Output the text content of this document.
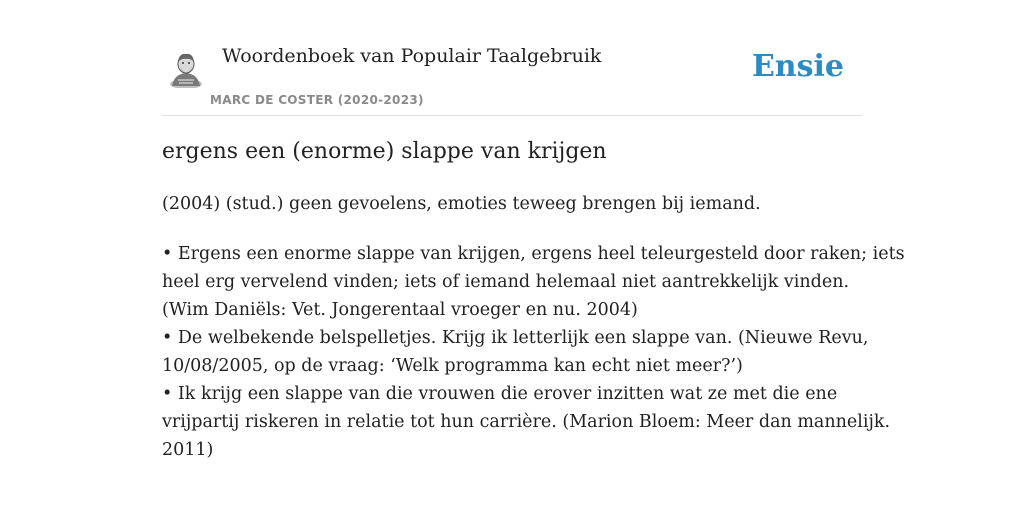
Woordenboek van Populair Taalgebruik
MARC DE COSTER (2020-2023)
Ensie
ergens een (enorme) slappe van krijgen

(2004) (stud.) geen gevoelens, emoties teweeg brengen bij iemand.

• Ergens een enorme slappe van krijgen, ergens heel teleurgesteld door raken; iets
heel erg vervelend vinden; iets of iemand helemaal niet aantrekkelijk vinden.
(Wim Daniëls: Vet. Jongerentaal vroeger en nu. 2004)
• De welbekende belspelletjes. Krijg ik letterlijk een slappe van. (Nieuwe Revu,
10/08/2005, op de vraag: ‘Welk programma kan echt niet meer?’)
• Ik krijg een slappe van die vrouwen die erover inzitten wat ze met die ene
vrijpartij riskeren in relatie tot hun carrière. (Marion Bloem: Meer dan mannelijk.
2011)
